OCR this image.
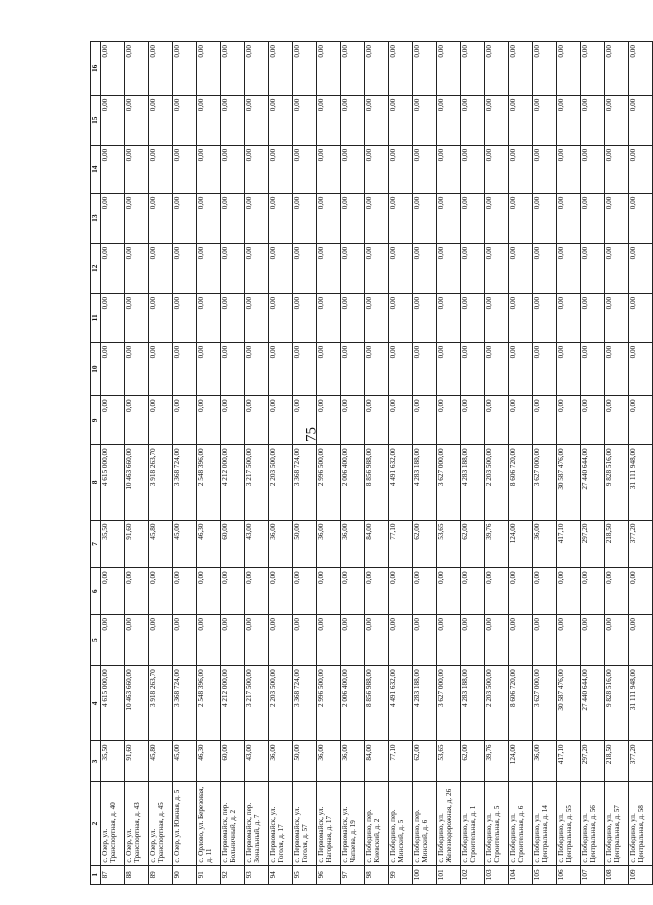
75
1	2	3	4	5	6	7	8	9	10	11	12	13	14	15	16
87	с. Озер, ул. Транспортная, д. 40	35,50	4 615 000,00	0,00	0,00	35,50	4 615 000,00	0,00	0,00	0,00	0,00	0,00	0,00	0,00	0,00
88	с. Озер, ул. Транспортная, д. 43	91,60	10 463 660,00	0,00	0,00	91,60	10 463 660,00	0,00	0,00	0,00	0,00	0,00	0,00	0,00	0,00
89	с. Озер, ул. Транспортная, д. 45	45,80	3 918 263,70	0,00	0,00	45,80	3 918 263,70	0,00	0,00	0,00	0,00	0,00	0,00	0,00	0,00
90	с. Озер, ул. Южная, д. 5	45,00	3 368 724,00	0,00	0,00	45,00	3 368 724,00	0,00	0,00	0,00	0,00	0,00	0,00	0,00	0,00
91	с. Орлово, ул. Березовая, д. 11	46,30	2 548 396,00	0,00	0,00	46,30	2 548 396,00	0,00	0,00	0,00	0,00	0,00	0,00	0,00	0,00
92	с. Первомайск, пер. Больничный, д. 2	60,00	4 212 000,00	0,00	0,00	60,00	4 212 000,00	0,00	0,00	0,00	0,00	0,00	0,00	0,00	0,00
93	с. Первомайск, пер. Зональный, д. 7	43,00	3 217 500,00	0,00	0,00	43,00	3 217 500,00	0,00	0,00	0,00	0,00	0,00	0,00	0,00	0,00
94	с. Первомайск, ул. Гоголя, д. 17	36,00	2 203 500,00	0,00	0,00	36,00	2 203 500,00	0,00	0,00	0,00	0,00	0,00	0,00	0,00	0,00
95	с. Первомайск, ул. Гоголя, д. 57	50,00	3 368 724,00	0,00	0,00	50,00	3 368 724,00	0,00	0,00	0,00	0,00	0,00	0,00	0,00	0,00
96	с. Первомайск, ул. Нагорная, д. 17	36,00	2 996 500,00	0,00	0,00	36,00	2 996 500,00	0,00	0,00	0,00	0,00	0,00	0,00	0,00	0,00
97	с. Первомайск, ул. Чапаева, д. 19	36,00	2 006 400,00	0,00	0,00	36,00	2 006 400,00	0,00	0,00	0,00	0,00	0,00	0,00	0,00	0,00
98	с. Победино, пер. Киевский, д. 2	84,00	8 856 988,00	0,00	0,00	84,00	8 856 988,00	0,00	0,00	0,00	0,00	0,00	0,00	0,00	0,00
99	с. Победино, пер. Минский, д. 5	77,10	4 491 632,00	0,00	0,00	77,10	4 491 632,00	0,00	0,00	0,00	0,00	0,00	0,00	0,00	0,00
100	с. Победино, пер. Минский, д. 6	62,00	4 283 188,00	0,00	0,00	62,00	4 283 188,00	0,00	0,00	0,00	0,00	0,00	0,00	0,00	0,00
101	с. Победино, ул. Железнодорожная, д. 26	53,65	3 627 000,00	0,00	0,00	53,65	3 627 000,00	0,00	0,00	0,00	0,00	0,00	0,00	0,00	0,00
102	с. Победино, ул. Строительная, д. 1	62,00	4 283 188,00	0,00	0,00	62,00	4 283 188,00	0,00	0,00	0,00	0,00	0,00	0,00	0,00	0,00
103	с. Победино, ул. Строительная, д. 5	39,76	2 203 500,00	0,00	0,00	39,76	2 203 500,00	0,00	0,00	0,00	0,00	0,00	0,00	0,00	0,00
104	с. Победино, ул. Строительная, д. 6	124,00	8 606 720,00	0,00	0,00	124,00	8 606 720,00	0,00	0,00	0,00	0,00	0,00	0,00	0,00	0,00
105	с. Победино, ул. Центральная, д. 14	36,00	3 627 000,00	0,00	0,00	36,00	3 627 000,00	0,00	0,00	0,00	0,00	0,00	0,00	0,00	0,00
106	с. Победино, ул. Центральная, д. 55	417,10	30 587 476,00	0,00	0,00	417,10	30 587 476,00	0,00	0,00	0,00	0,00	0,00	0,00	0,00	0,00
107	с. Победино, ул. Центральная, д. 56	297,20	27 440 644,00	0,00	0,00	297,20	27 440 644,00	0,00	0,00	0,00	0,00	0,00	0,00	0,00	0,00
108	с. Победино, ул. Центральная, д. 57	218,50	9 828 516,00	0,00	0,00	218,50	9 828 516,00	0,00	0,00	0,00	0,00	0,00	0,00	0,00	0,00
109	с. Победино, ул. Центральная, д. 58	377,20	31 111 948,00	0,00	0,00	377,20	31 111 948,00	0,00	0,00	0,00	0,00	0,00	0,00	0,00	0,00
